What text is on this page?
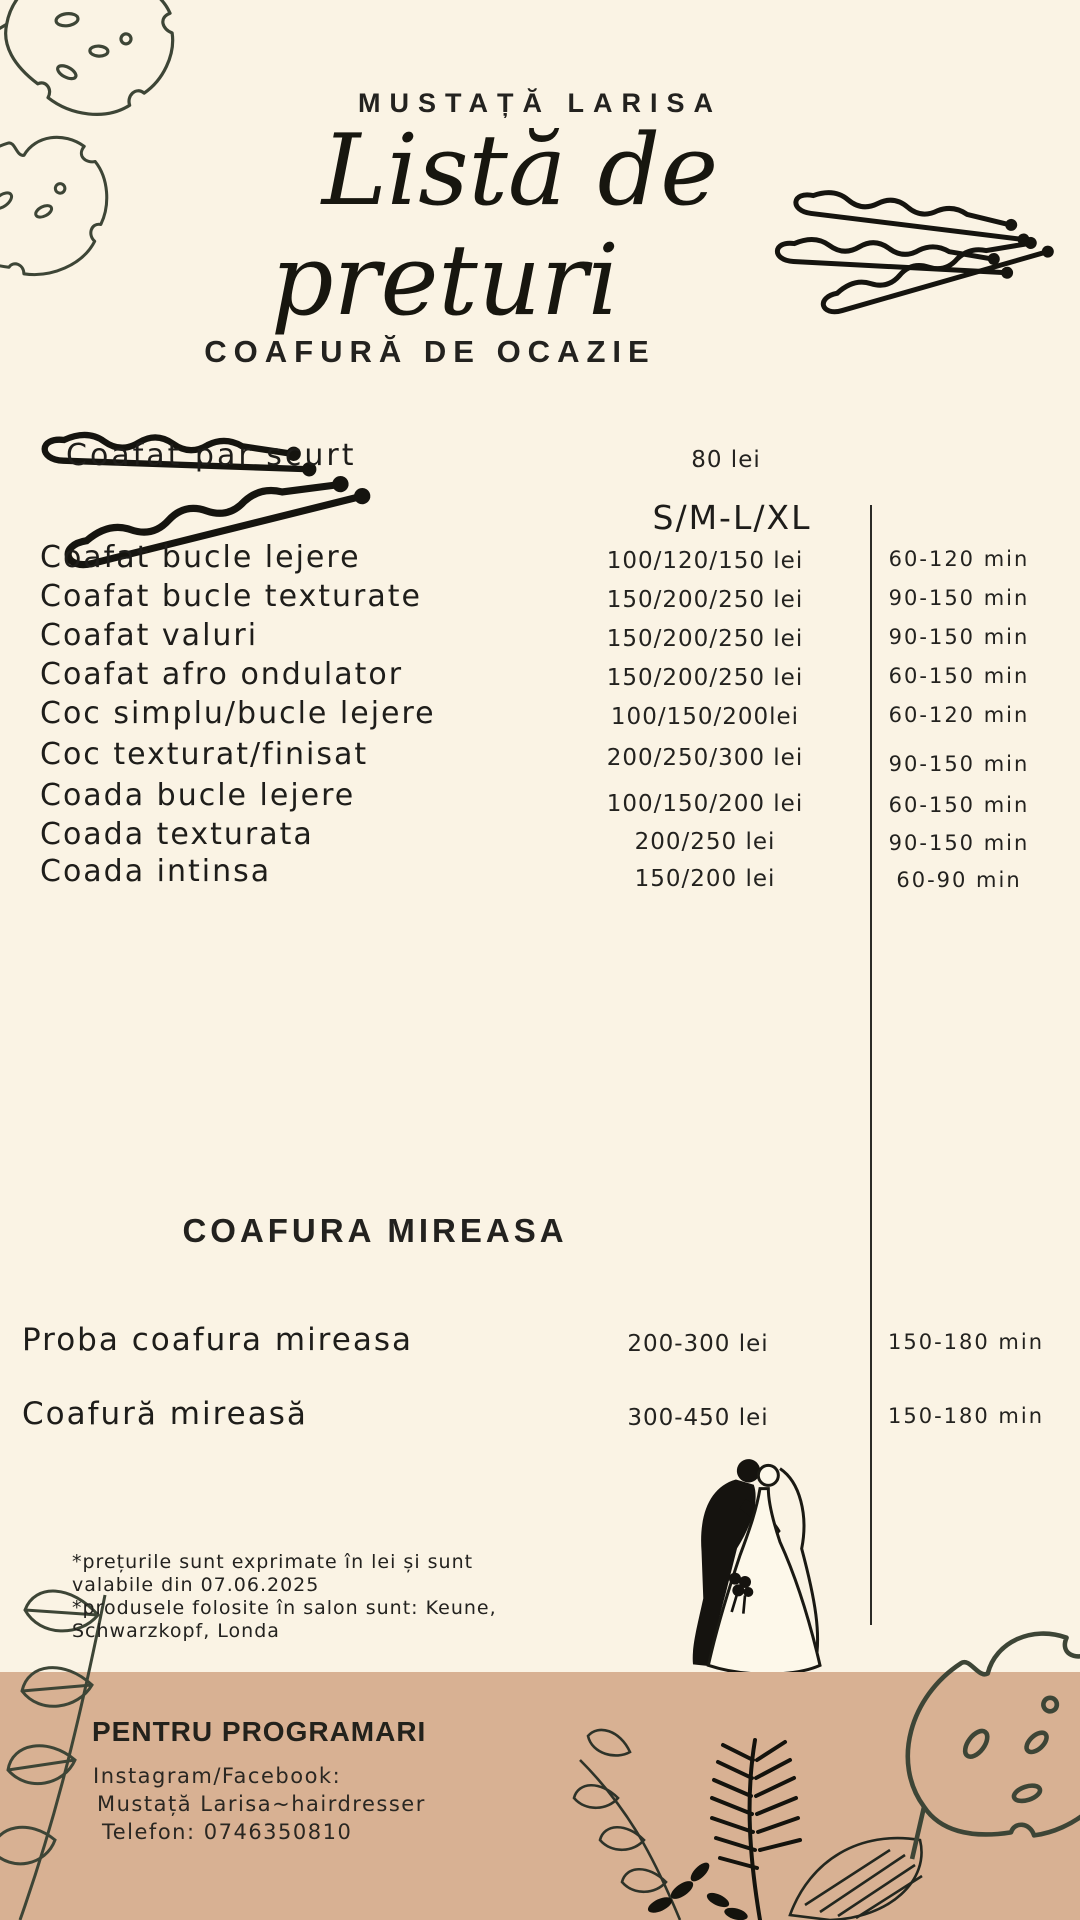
MUSTAȚĂ LARISA
Listă de
preturi
COAFURĂ DE OCAZIE
Coafat par scurt	80 lei
S/M-L/XL
Coafat bucle lejere	100/120/150 lei	60-120 min
Coafat bucle texturate	150/200/250 lei	90-150 min
Coafat valuri	150/200/250 lei	90-150 min
Coafat afro ondulator	150/200/250 lei	60-150 min
Coc simplu/bucle lejere	100/150/200lei	60-120 min
Coc texturat/finisat	200/250/300 lei	90-150 min
Coada bucle lejere	100/150/200 lei	60-150 min
Coada texturata	200/250 lei	90-150 min
Coada intinsa	150/200 lei	60-90 min
COAFURA MIREASA
Proba coafura mireasa	200-300 lei	150-180 min
Coafură mireasă	300-450 lei	150-180 min
*prețurile sunt exprimate în lei și sunt
valabile din 07.06.2025
*produsele folosite în salon sunt: Keune,
Schwarzkopf, Londa
PENTRU PROGRAMARI
Instagram/Facebook:
Mustață Larisa~hairdresser
Telefon: 0746350810
